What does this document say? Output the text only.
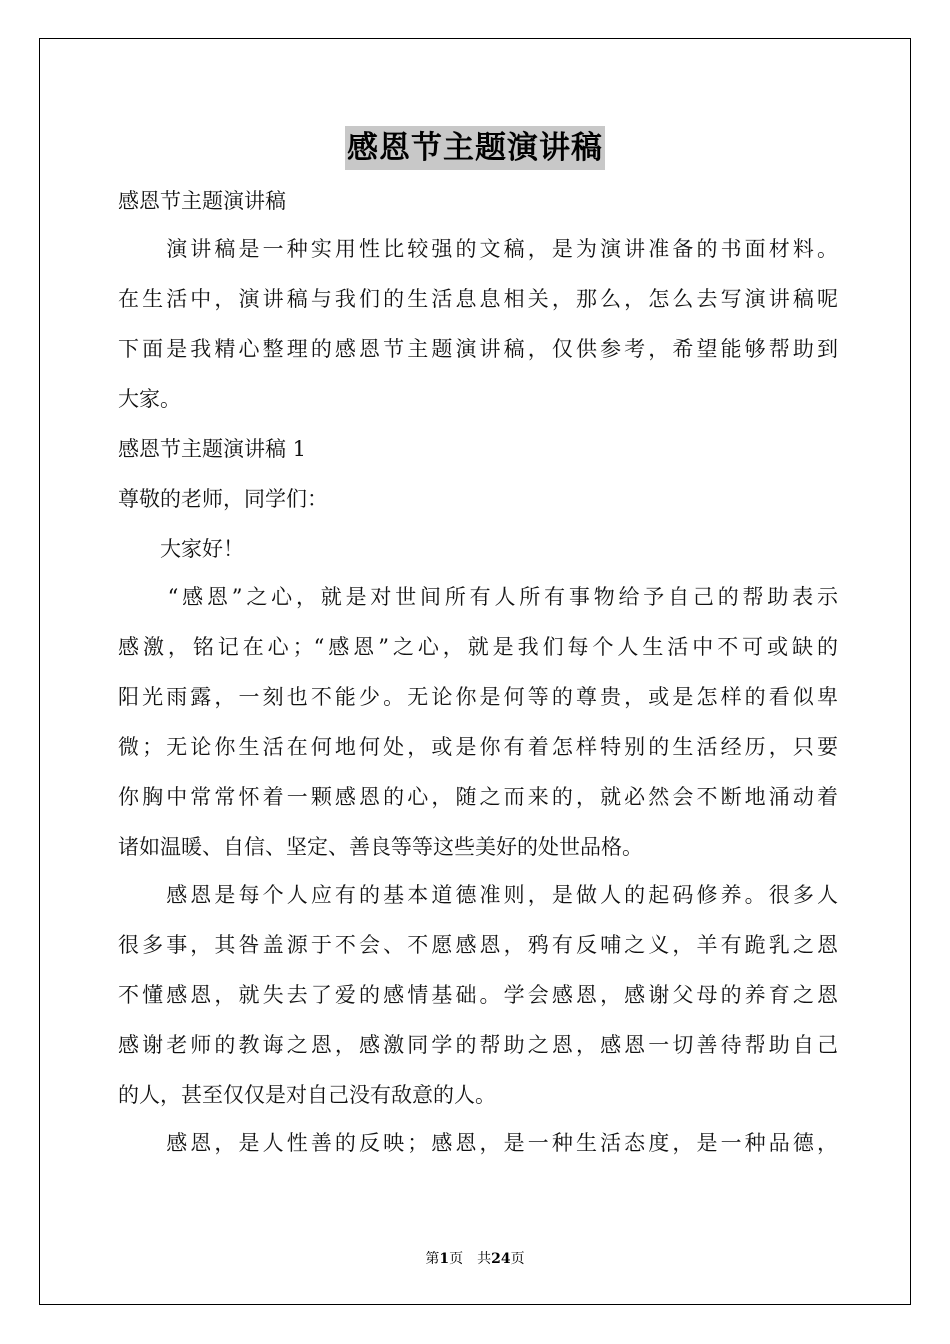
感恩节主题演讲稿
感恩节主题演讲稿
　　演讲稿是一种实用性比较强的文稿，是为演讲准备的书面材料。
在生活中，演讲稿与我们的生活息息相关，那么，怎么去写演讲稿呢
下面是我精心整理的感恩节主题演讲稿，仅供参考，希望能够帮助到
大家。
感恩节主题演讲稿 1
尊敬的老师，同学们：
　　大家好！
　　“感恩”之心，就是对世间所有人所有事物给予自己的帮助表示
感激，铭记在心；“感恩”之心，就是我们每个人生活中不可或缺的
阳光雨露，一刻也不能少。无论你是何等的尊贵，或是怎样的看似卑
微；无论你生活在何地何处，或是你有着怎样特别的生活经历，只要
你胸中常常怀着一颗感恩的心，随之而来的，就必然会不断地涌动着
诸如温暖、自信、坚定、善良等等这些美好的处世品格。
　　感恩是每个人应有的基本道德准则，是做人的起码修养。很多人
很多事，其咎盖源于不会、不愿感恩，鸦有反哺之义，羊有跪乳之恩
不懂感恩，就失去了爱的感情基础。学会感恩，感谢父母的养育之恩
感谢老师的教诲之恩，感激同学的帮助之恩，感恩一切善待帮助自己
的人，甚至仅仅是对自己没有敌意的人。
　　感恩，是人性善的反映；感恩，是一种生活态度，是一种品德，
第1页　共24页
